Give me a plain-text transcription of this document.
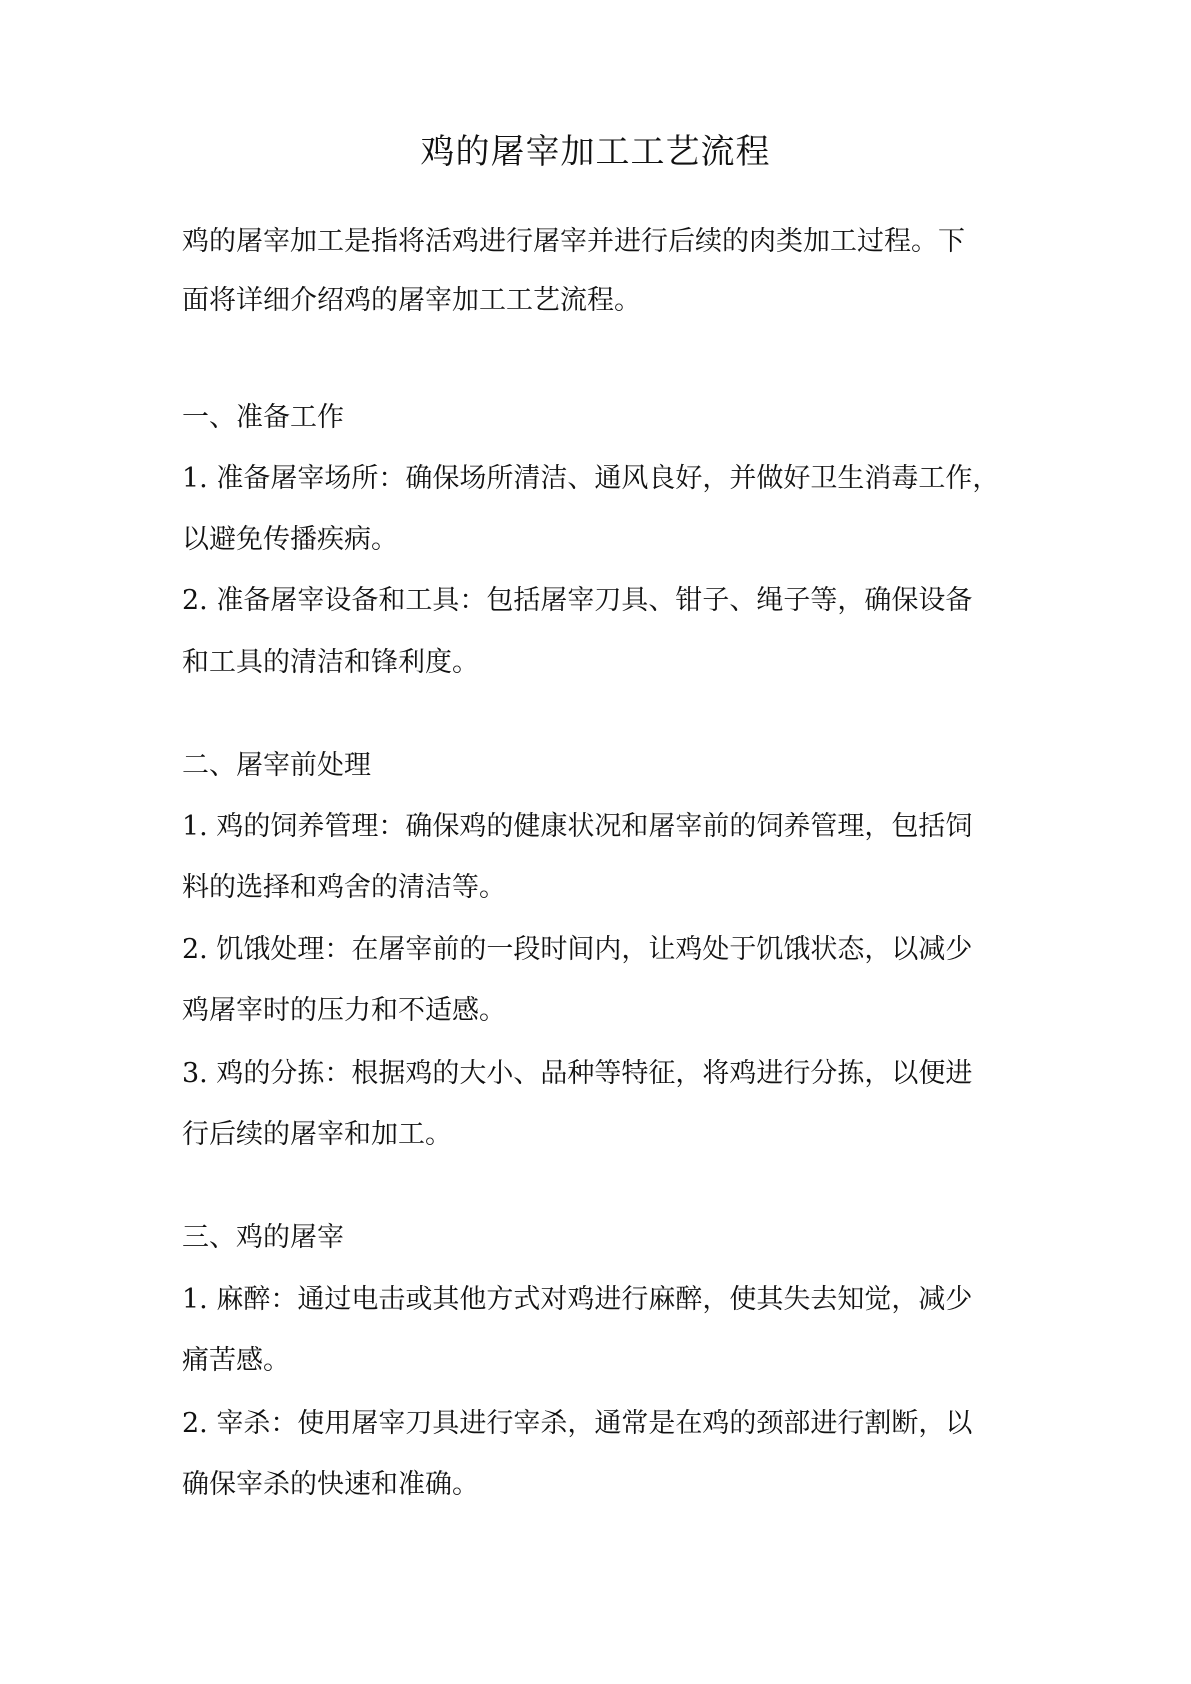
鸡的屠宰加工工艺流程
鸡的屠宰加工是指将活鸡进行屠宰并进行后续的肉类加工过程。下
面将详细介绍鸡的屠宰加工工艺流程。
一、准备工作
1. 准备屠宰场所：确保场所清洁、通风良好，并做好卫生消毒工作，
以避免传播疾病。
2. 准备屠宰设备和工具：包括屠宰刀具、钳子、绳子等，确保设备
和工具的清洁和锋利度。
二、屠宰前处理
1. 鸡的饲养管理：确保鸡的健康状况和屠宰前的饲养管理，包括饲
料的选择和鸡舍的清洁等。
2. 饥饿处理：在屠宰前的一段时间内，让鸡处于饥饿状态，以减少
鸡屠宰时的压力和不适感。
3. 鸡的分拣：根据鸡的大小、品种等特征，将鸡进行分拣，以便进
行后续的屠宰和加工。
三、鸡的屠宰
1. 麻醉：通过电击或其他方式对鸡进行麻醉，使其失去知觉，减少
痛苦感。
2. 宰杀：使用屠宰刀具进行宰杀，通常是在鸡的颈部进行割断，以
确保宰杀的快速和准确。
